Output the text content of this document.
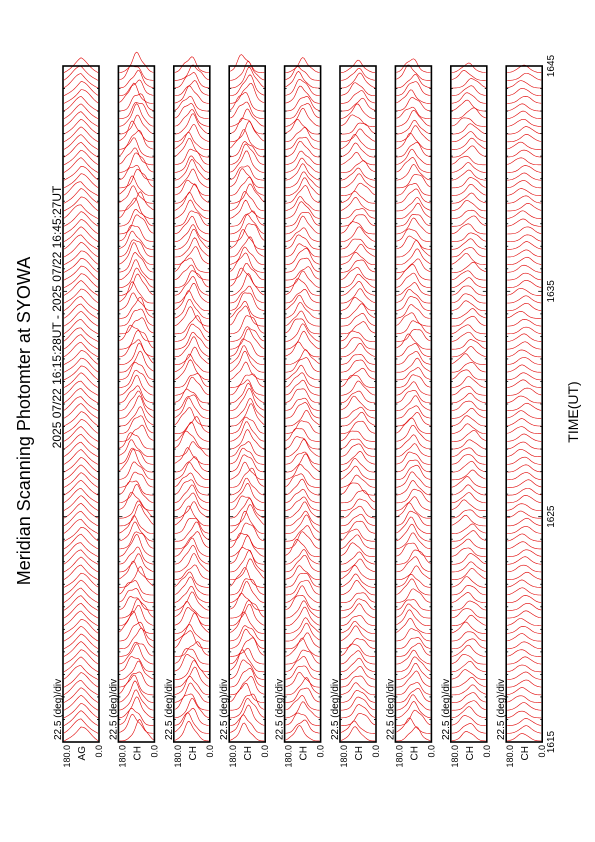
180.0 0.0
AG
22.5 (deg)/div
180.0 0.0
CH
22.5 (deg)/div
180.0 0.0
CH
22.5 (deg)/div
180.0 0.0
CH
22.5 (deg)/div
180.0 0.0
CH
22.5 (deg)/div
180.0 0.0
CH
22.5 (deg)/div
180.0 0.0
CH
22.5 (deg)/div
180.0 0.0
CH
22.5 (deg)/div
180.0 0.0
CH
22.5 (deg)/div
1615
1625
1635
1645
Meridian Scanning Photomter at SYOWA 2025 07/22 16:15:28UT - 2025 07/22 16:45:27UT	TIME(UT)
